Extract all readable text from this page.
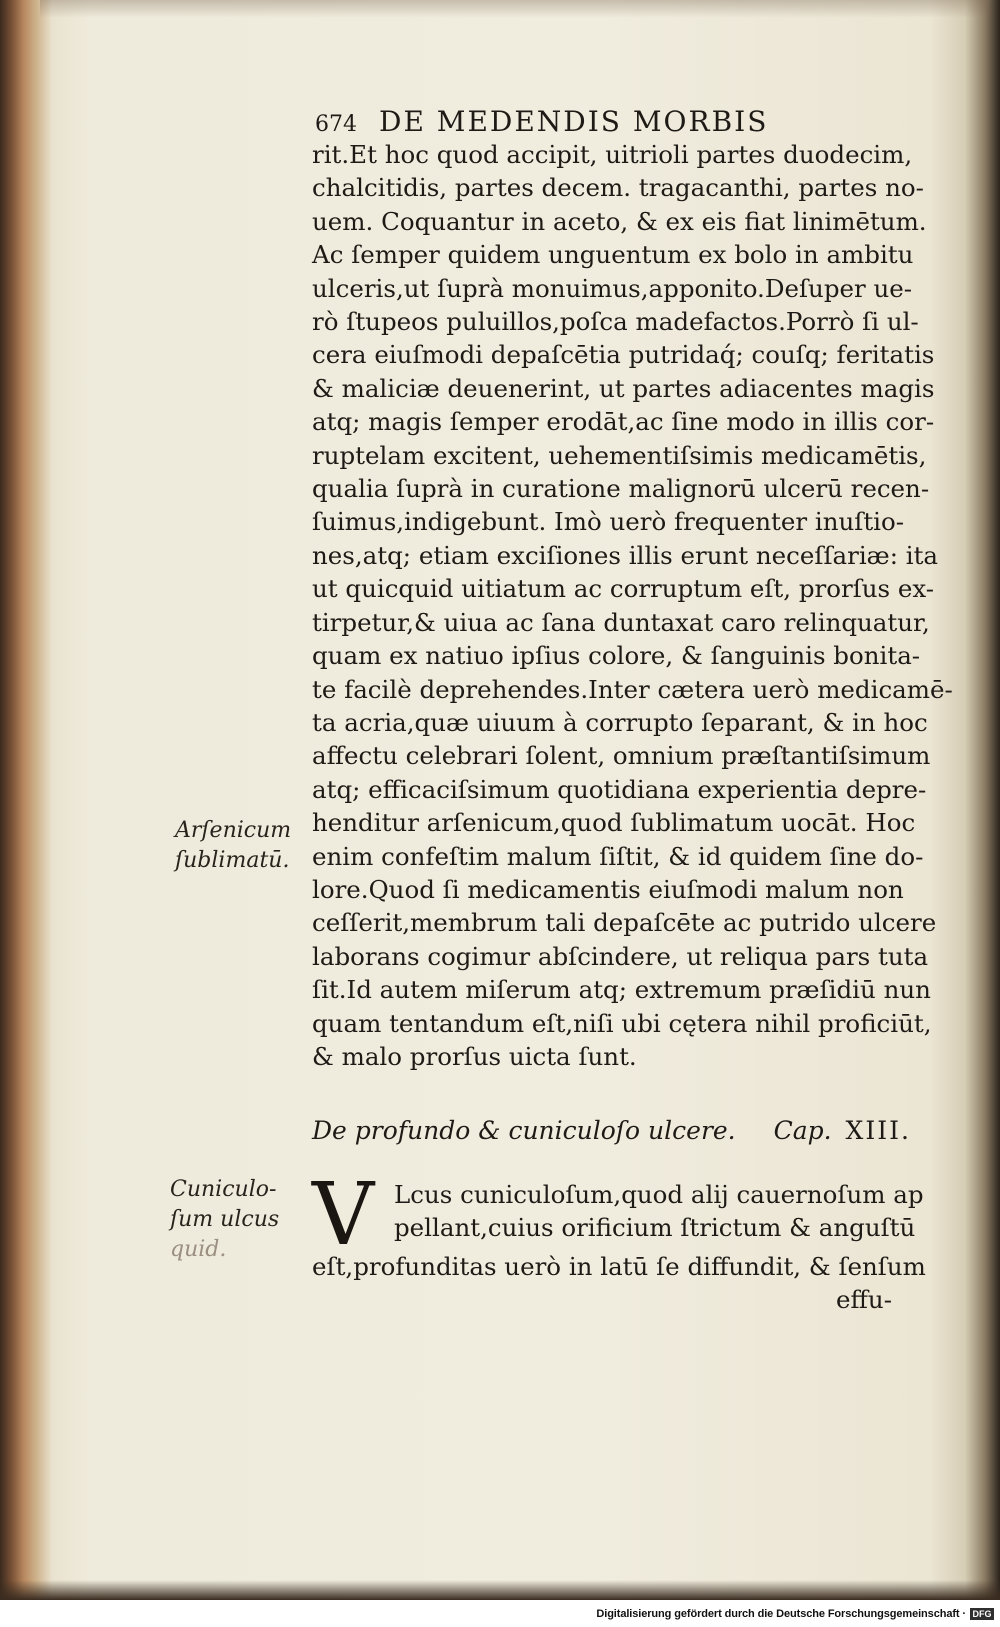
674 DE MEDENDIS MORBIS
rit.Et hoc quod accipit, uitrioli partes duodecim,
chalcitidis, partes decem. tragacanthi, partes no-
uem. Coquantur in aceto, & ex eis fiat linimētum.
Ac ſemper quidem unguentum ex bolo in ambitu
ulceris,ut ſuprà monuimus,apponito.Deſuper ue-
rò ſtupeos puluillos,poſca madefactos.Porrò ſi ul-
cera eiuſmodi depaſcētia putridaq́; couſq; feritatis
& maliciæ deuenerint, ut partes adiacentes magis
atq; magis ſemper erodāt,ac ſine modo in illis cor-
ruptelam excitent, uehementiſsimis medicamētis,
qualia ſuprà in curatione malignorū ulcerū recen-
ſuimus,indigebunt. Imò uerò frequenter inuſtio-
nes,atq; etiam exciſiones illis erunt neceſſariæ: ita
ut quicquid uitiatum ac corruptum eſt, prorſus ex-
tirpetur,& uiua ac ſana duntaxat caro relinquatur,
quam ex natiuo ipſius colore, & ſanguinis bonita-
te facilè deprehendes.Inter cætera uerò medicamē-
ta acria,quæ uiuum à corrupto ſeparant, & in hoc
affectu celebrari ſolent, omnium præſtantiſsimum
atq; efficaciſsimum quotidiana experientia depre-
henditur arſenicum,quod ſublimatum uocāt. Hoc
enim confeſtim malum ſiſtit, & id quidem ſine do-
lore.Quod ſi medicamentis eiuſmodi malum non
ceſſerit,membrum tali depaſcēte ac putrido ulcere
laborans cogimur abſcindere, ut reliqua pars tuta
ſit.Id autem miſerum atq; extremum præſidiū nun
quam tentandum eſt,niſi ubi cętera nihil proficiūt,
& malo prorſus uicta ſunt.
De profundo & cuniculoſo ulcere. Cap. XIII.
V Lcus cuniculoſum,quod alij cauernoſum ap
pellant,cuius orificium ſtrictum & anguſtū
eſt,profunditas uerò in latū ſe diffundit, & ſenſum
effu-
Arſenicum
ſublimatū.
Cuniculo-
ſum ulcus
quid.
Digitalisierung gefördert durch die Deutsche Forschungsgemeinschaft · DFG
